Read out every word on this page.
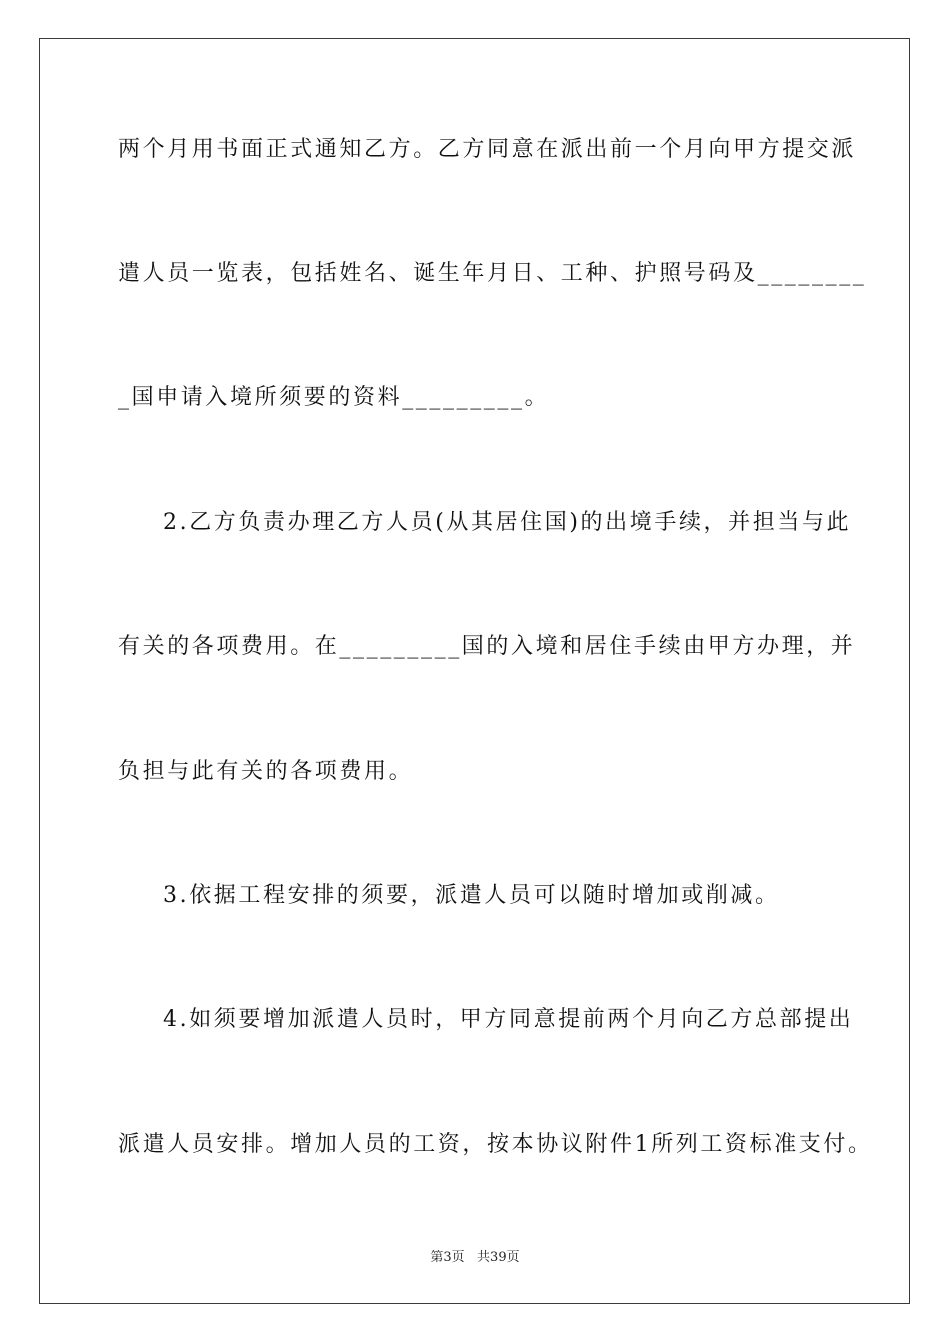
两个月用书面正式通知乙方。乙方同意在派出前一个月向甲方提交派
遣人员一览表，包括姓名、诞生年月日、工种、护照号码及________
_国申请入境所须要的资料_________。
2.乙方负责办理乙方人员(从其居住国)的出境手续，并担当与此
有关的各项费用。在_________国的入境和居住手续由甲方办理，并
负担与此有关的各项费用。
3.依据工程安排的须要，派遣人员可以随时增加或削减。
4.如须要增加派遣人员时，甲方同意提前两个月向乙方总部提出
派遣人员安排。增加人员的工资，按本协议附件1所列工资标准支付。
第3页   共39页
